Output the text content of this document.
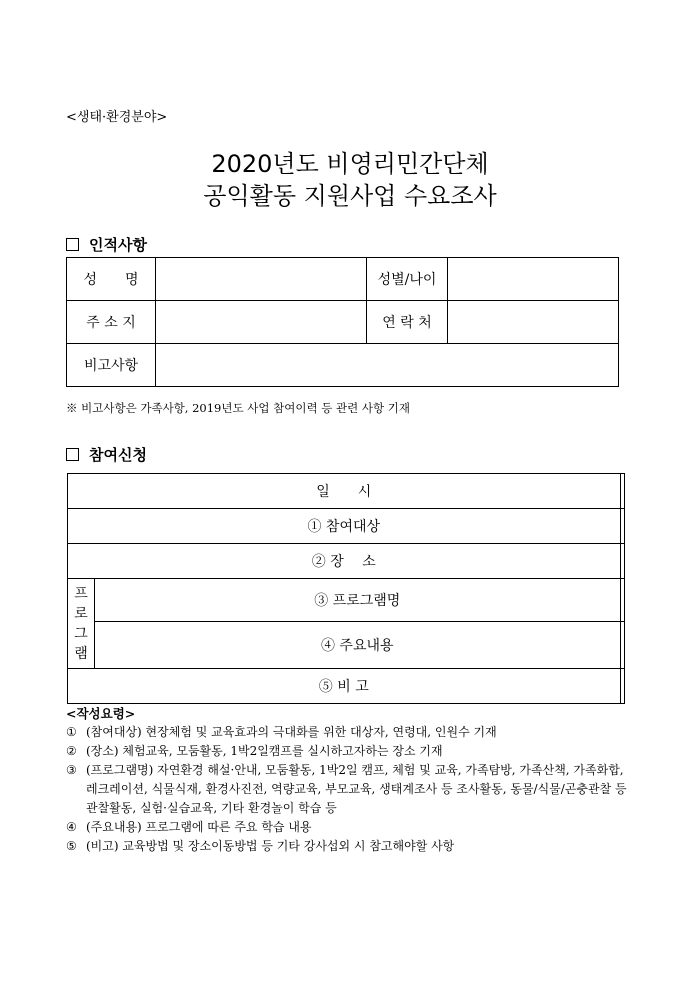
<생태·환경분야>
2020년도 비영리민간단체
공익활동 지원사업 수요조사
인적사항
성　　명		성별/나이	
주 소 지		연 락 처	
비고사항			
※ 비고사항은 가족사항, 2019년도 사업 참여이력 등 관련 사항 기재
참여신청
일　　시		
① 참여대상		
② 장　 소		

프
로
그
램	③ 프로그램명	
	④ 주요내용	
⑤ 비 고		
<작성요령>
① (참여대상) 현장체험 및 교육효과의 극대화를 위한 대상자, 연령대, 인원수 기재
② (장소) 체험교육, 모둠활동, 1박2일캠프를 실시하고자하는 장소 기재
③ (프로그램명) 자연환경 해설·안내, 모둠활동, 1박2일 캠프, 체험 및 교육, 가족탐방, 가족산책, 가족화합, 레크레이션, 식물식재, 환경사진전, 역량교육, 부모교육, 생태계조사 등 조사활동, 동물/식물/곤충관찰 등 관찰활동, 실험·실습교육, 기타 환경놀이 학습 등
④ (주요내용) 프로그램에 따른 주요 학습 내용
⑤ (비고) 교육방법 및 장소이동방법 등 기타 강사섭외 시 참고해야할 사항
